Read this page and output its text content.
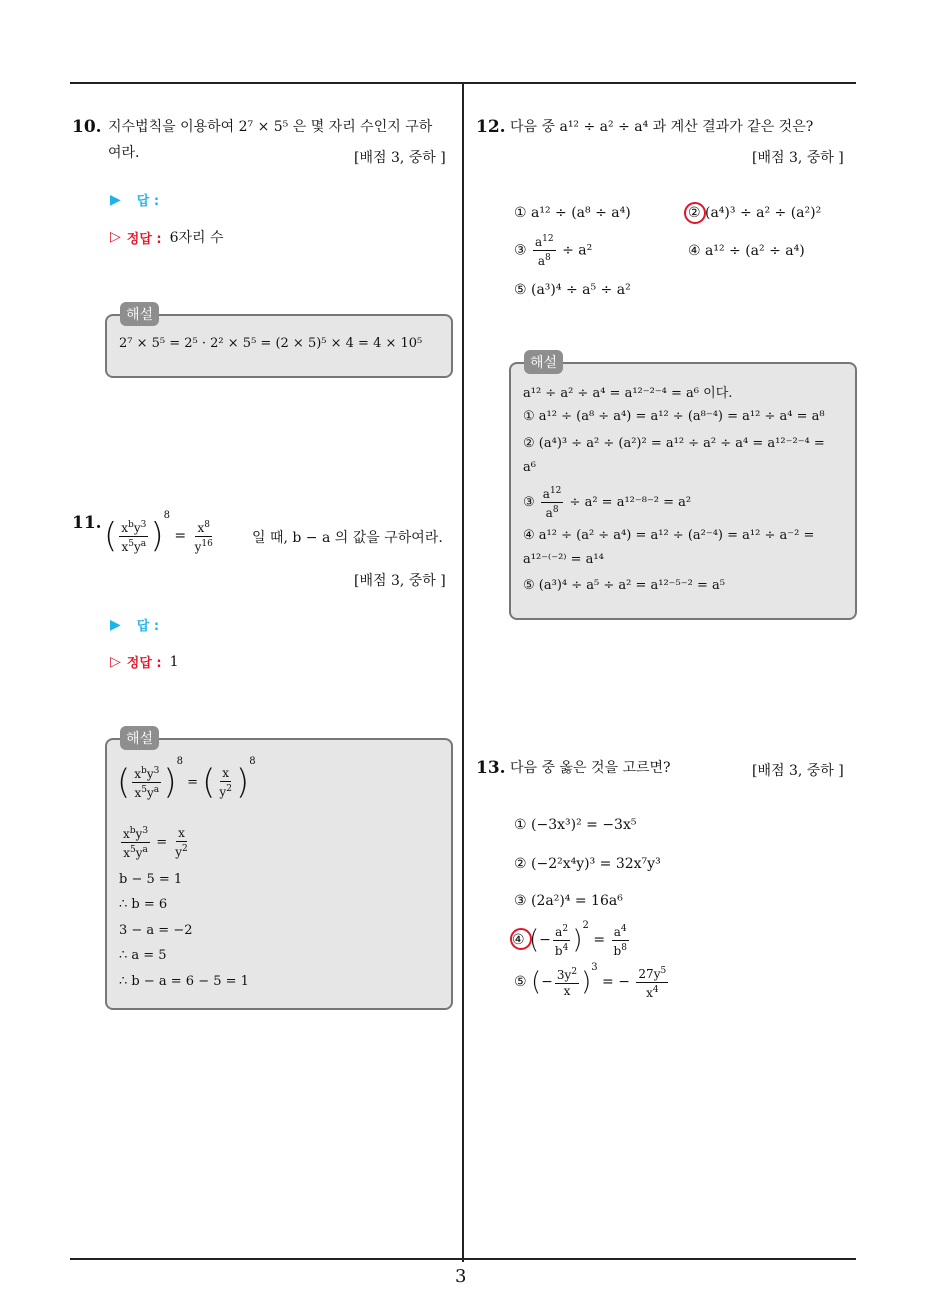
3
10. 지수법칙을 이용하여 2⁷ × 5⁵ 은 몇 자리 수인지 구하
여라.	[배점 3, 중하 ]
▶ 답 :
▷ 정답 : 6자리 수
2⁷ × 5⁵ = 2⁵ · 2² × 5⁵ = (2 × 5)⁵ × 4 = 4 × 10⁵
해설
11. ( $\frac{x^by^3}{x^5y^a} )^8 = \frac{x^8}{y^{16}}$	일 때, b − a 의 값을 구하여라.
[배점 3, 중하 ]
▶ 답 :
▷ 정답 : 1
( $\frac{x^by^3}{x^5y^a} )^8$ = ( $\frac{x}{y^2} )^8$
$\frac{x^by^3}{x^5y^a} = \frac{x}{y^2}$
b − 5 = 1
∴ b = 6
3 − a = −2
∴ a = 5
∴ b − a = 6 − 5 = 1
해설
12. 다음 중 a¹² ÷ a² ÷ a⁴ 과 계산 결과가 같은 것은?
[배점 3, 중하 ]
① a¹² ÷ (a⁸ ÷ a⁴)	② (a⁴)³ ÷ a² ÷ (a²)²
③ $\frac{a^{12}}{a^8} \div a^2$	④ a¹² ÷ (a² ÷ a⁴)
⑤ (a³)⁴ ÷ a⁵ ÷ a²
a¹² ÷ a² ÷ a⁴ = a¹²⁻²⁻⁴ = a⁶ 이다.
① a¹² ÷ (a⁸ ÷ a⁴) = a¹² ÷ (a⁸⁻⁴) = a¹² ÷ a⁴ = a⁸
② (a⁴)³ ÷ a² ÷ (a²)² = a¹² ÷ a² ÷ a⁴ = a¹²⁻²⁻⁴ =
a⁶
③ $\frac{a^{12}}{a^8} \div a^2 = a^{12-8-2} = a^2$
④ a¹² ÷ (a² ÷ a⁴) = a¹² ÷ (a²⁻⁴) = a¹² ÷ a⁻² =
a¹²⁻⁽⁻²⁾ = a¹⁴
⑤ (a³)⁴ ÷ a⁵ ÷ a² = a¹²⁻⁵⁻² = a⁵
해설
13. 다음 중 옳은 것을 고르면?	[배점 3, 중하 ]
① (−3x³)² = −3x⁵
② (−2²x⁴y)³ = 32x⁷y³
③ (2a²)⁴ = 16a⁶
④ (− $\frac{a^2}{b^4} )^2 = \frac{a^4}{b^8}$
⑤ (− $\frac{3y^2}{x} )^3$ = − $\frac{27y^5}{x^4}$
